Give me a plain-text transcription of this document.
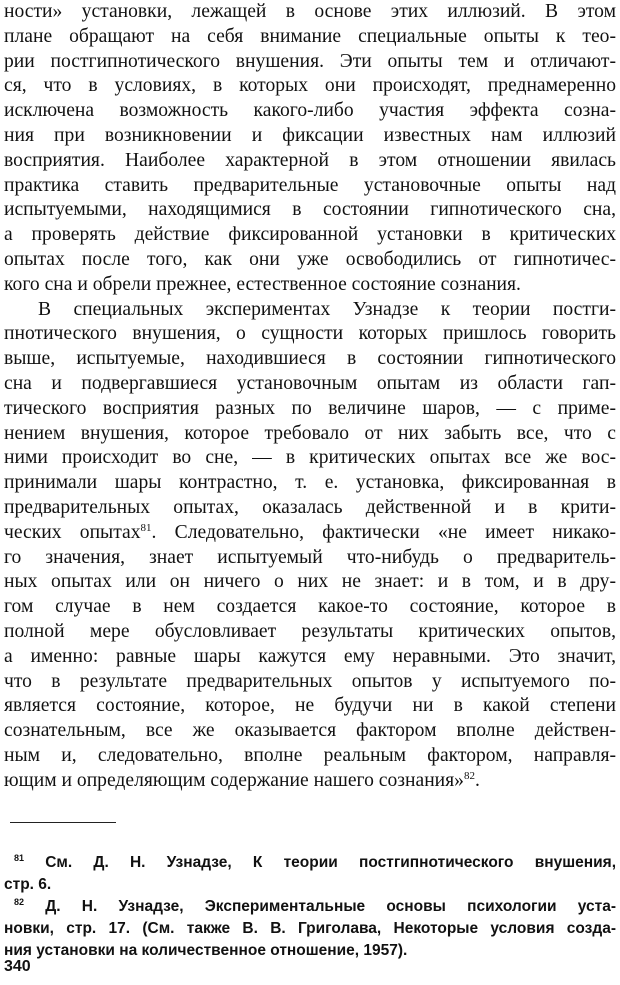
ности» установки, лежащей в основе этих иллюзий. В этом
плане обращают на себя внимание специальные опыты к тео-
рии постгипнотического внушения. Эти опыты тем и отличают-
ся, что в условиях, в которых они происходят, преднамеренно
исключена возможность какого-либо участия эффекта созна-
ния при возникновении и фиксации известных нам иллюзий
восприятия. Наиболее характерной в этом отношении явилась
практика ставить предварительные установочные опыты над
испытуемыми, находящимися в состоянии гипнотического сна,
а проверять действие фиксированной установки в критических
опытах после того, как они уже освободились от гипнотичес-
кого сна и обрели прежнее, естественное состояние сознания.
В специальных экспериментах Узнадзе к теории постги-
пнотического внушения, о сущности которых пришлось говорить
выше, испытуемые, находившиеся в состоянии гипнотического
сна и подвергавшиеся установочным опытам из области гап-
тического восприятия разных по величине шаров, — с приме-
нением внушения, которое требовало от них забыть все, что с
ними происходит во сне, — в критических опытах все же вос-
принимали шары контрастно, т. е. установка, фиксированная в
предварительных опытах, оказалась действенной и в крити-
ческих опытах$^{81}$. Следовательно, фактически «не имеет никако-
го значения, знает испытуемый что-нибудь о предваритель-
ных опытах или он ничего о них не знает: и в том, и в дру-
гом случае в нем создается какое-то состояние, которое в
полной мере обусловливает результаты критических опытов,
а именно: равные шары кажутся ему неравными. Это значит,
что в результате предварительных опытов у испытуемого по-
является состояние, которое, не будучи ни в какой степени
сознательным, все же оказывается фактором вполне действен-
ным и, следовательно, вполне реальным фактором, направля-
ющим и определяющим содержание нашего сознания»$^{82}$.
$^{81}$ См. Д. Н. Узнадзе, К теории постгипнотического внушения,
стр. 6.
$^{82}$ Д. Н. Узнадзе, Экспериментальные основы психологии уста-
новки, стр. 17. (См. также В. В. Григолава, Некоторые условия созда-
ния установки на количественное отношение, 1957).
340
